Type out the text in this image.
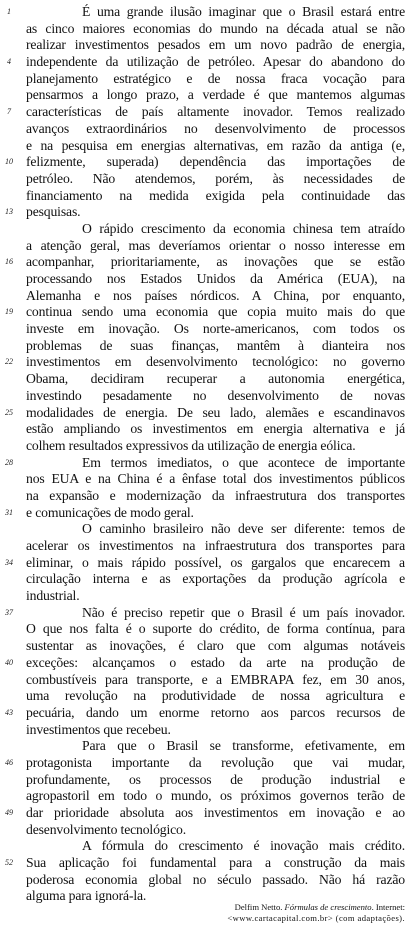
1	É uma grande ilusão imaginar que o Brasil estará entre
as cinco maiores economias do mundo na década atual se não
realizar investimentos pesados em um novo padrão de energia,
4	independente da utilização de petróleo. Apesar do abandono do
planejamento estratégico e de nossa fraca vocação para
pensarmos a longo prazo, a verdade é que mantemos algumas
7	características de país altamente inovador. Temos realizado
avanços extraordinários no desenvolvimento de processos
e na pesquisa em energias alternativas, em razão da antiga (e,
10 felizmente, superada) dependência das importações de
petróleo. Não atendemos, porém, às necessidades de
financiamento na medida exigida pela continuidade das
13 pesquisas.
O rápido crescimento da economia chinesa tem atraído
a atenção geral, mas deveríamos orientar o nosso interesse em
16 acompanhar, prioritariamente, as inovações que se estão
processando nos Estados Unidos da América (EUA), na
Alemanha e nos países nórdicos. A China, por enquanto,
19 continua sendo uma economia que copia muito mais do que
investe em inovação. Os norte-americanos, com todos os
problemas de suas finanças, mantêm à dianteira nos
22 investimentos em desenvolvimento tecnológico: no governo
Obama, decidiram recuperar a autonomia energética,
investindo pesadamente no desenvolvimento de novas
25 modalidades de energia. De seu lado, alemães e escandinavos
estão ampliando os investimentos em energia alternativa e já
colhem resultados expressivos da utilização de energia eólica.
28	Em termos imediatos, o que acontece de importante
nos EUA e na China é a ênfase total dos investimentos públicos
na expansão e modernização da infraestrutura dos transportes
31 e comunicações de modo geral.
O caminho brasileiro não deve ser diferente: temos de
acelerar os investimentos na infraestrutura dos transportes para
34 eliminar, o mais rápido possível, os gargalos que encarecem a
circulação interna e as exportações da produção agrícola e
industrial.
37	Não é preciso repetir que o Brasil é um país inovador.
O que nos falta é o suporte do crédito, de forma contínua, para
sustentar as inovações, é claro que com algumas notáveis
40 exceções: alcançamos o estado da arte na produção de
combustíveis para transporte, e a EMBRAPA fez, em 30 anos,
uma revolução na produtividade de nossa agricultura e
43 pecuária, dando um enorme retorno aos parcos recursos de
investimentos que recebeu.
Para que o Brasil se transforme, efetivamente, em
46 protagonista importante da revolução que vai mudar,
profundamente, os processos de produção industrial e
agropastoril em todo o mundo, os próximos governos terão de
49 dar prioridade absoluta aos investimentos em inovação e ao
desenvolvimento tecnológico.
A fórmula do crescimento é inovação mais crédito.
52 Sua aplicação foi fundamental para a construção da mais
poderosa economia global no século passado. Não há razão
alguma para ignorá-la.
Delfim Netto. Fórmulas de crescimento. Internet:
<www.cartacapital.com.br> (com adaptações).
